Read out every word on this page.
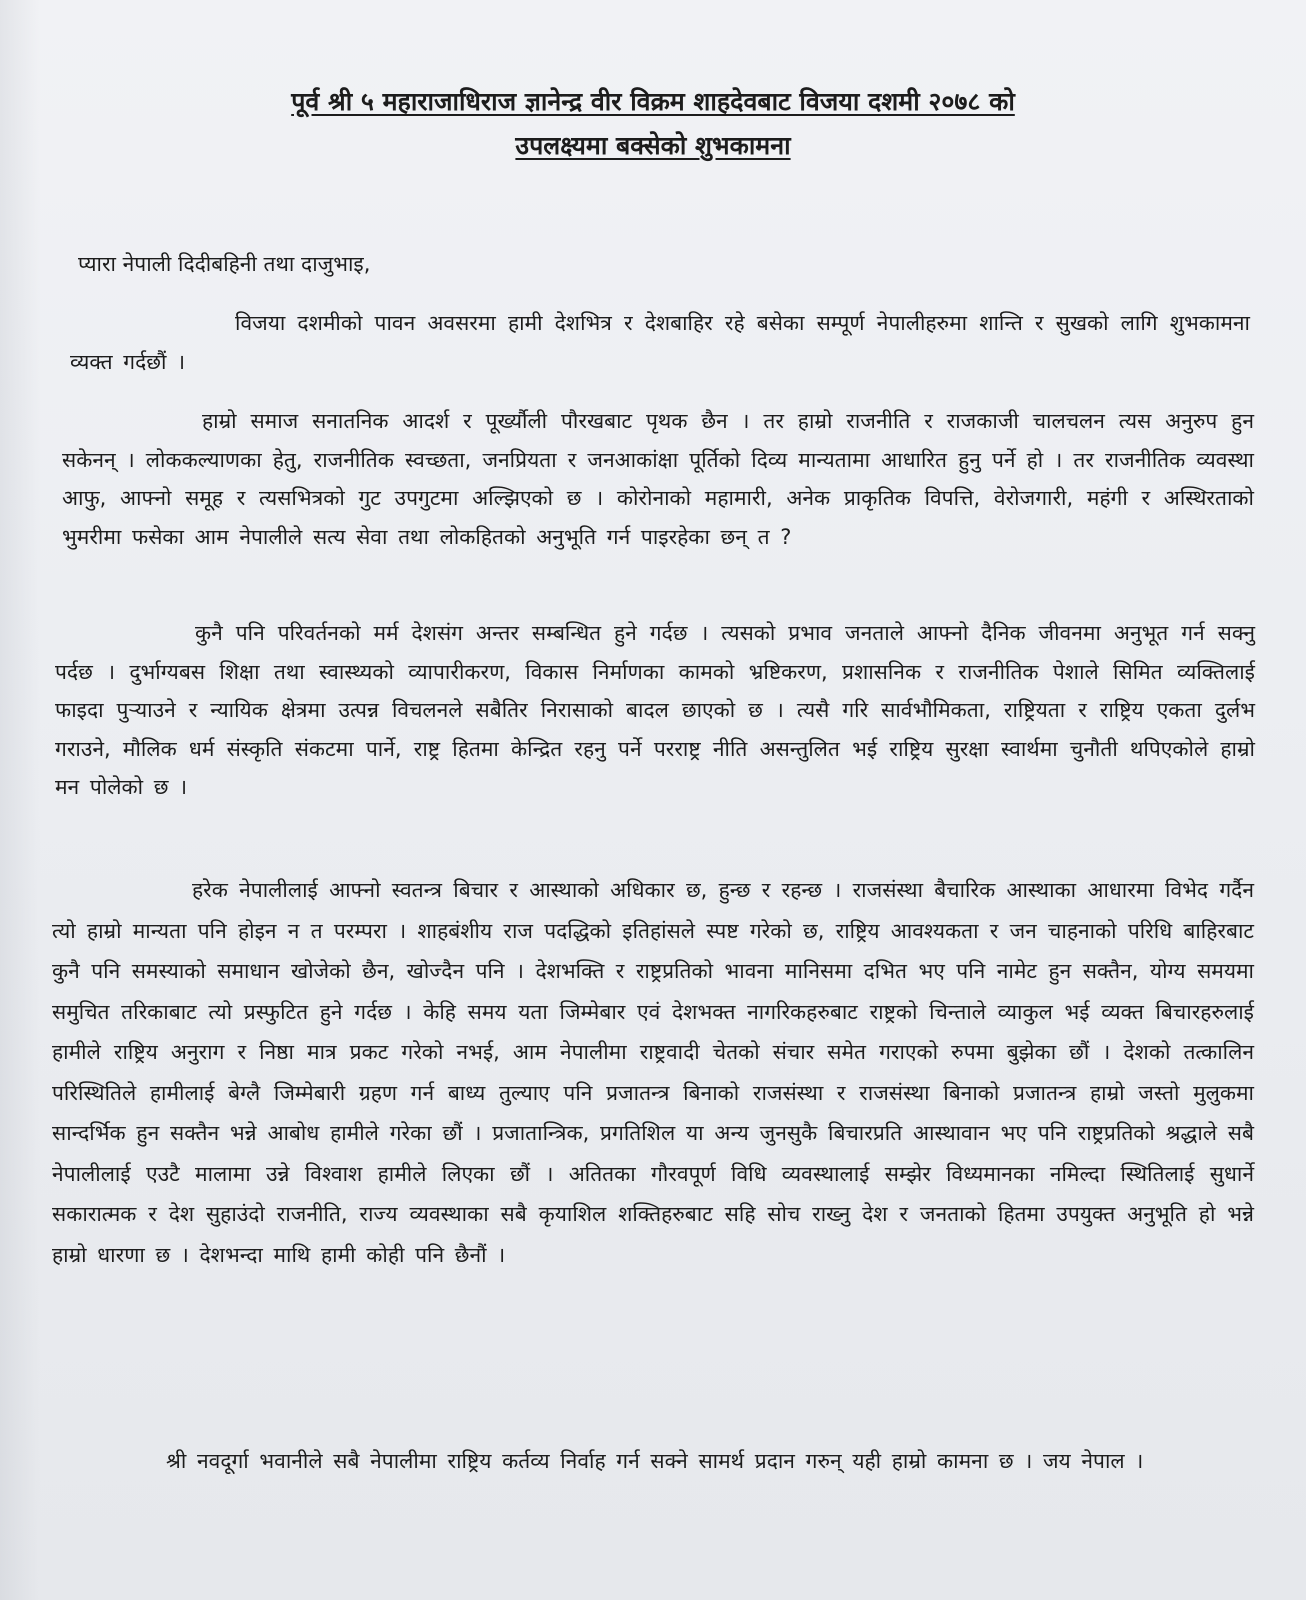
पूर्व श्री ५ महाराजाधिराज ज्ञानेन्द्र वीर विक्रम शाहदेवबाट विजया दशमी २०७८ को
उपलक्ष्यमा बक्सेको शुभकामना

प्यारा नेपाली दिदीबहिनी तथा दाजुभाइ,

विजया दशमीको पावन अवसरमा हामी देशभित्र र देशबाहिर रहे बसेका सम्पूर्ण नेपालीहरुमा शान्ति र सुखको लागि शुभकामना व्यक्त गर्दछौं ।

हाम्रो समाज सनातनिक आदर्श र पूर्ख्यौली पौरखबाट पृथक छैन । तर हाम्रो राजनीति र राजकाजी चालचलन त्यस अनुरुप हुन सकेनन् । लोककल्याणका हेतु, राजनीतिक स्वच्छता, जनप्रियता र जनआकांक्षा पूर्तिको दिव्य मान्यतामा आधारित हुनु पर्ने हो । तर राजनीतिक व्यवस्था आफु, आफ्नो समूह र त्यसभित्रको गुट उपगुटमा अल्झिएको छ । कोरोनाको महामारी, अनेक प्राकृतिक विपत्ति, वेरोजगारी, महंगी र अस्थिरताको भुमरीमा फसेका आम नेपालीले सत्य सेवा तथा लोकहितको अनुभूति गर्न पाइरहेका छन् त ?

कुनै पनि परिवर्तनको मर्म देशसंग अन्तर सम्बन्धित हुने गर्दछ । त्यसको प्रभाव जनताले आफ्नो दैनिक जीवनमा अनुभूत गर्न सक्नु पर्दछ । दुर्भाग्यबस शिक्षा तथा स्वास्थ्यको व्यापारीकरण, विकास निर्माणका कामको भ्रष्टिकरण, प्रशासनिक र राजनीतिक पेशाले सिमित व्यक्तिलाई फाइदा पुऱ्याउने र न्यायिक क्षेत्रमा उत्पन्न विचलनले सबैतिर निरासाको बादल छाएको छ । त्यसै गरि सार्वभौमिकता, राष्ट्रियता र राष्ट्रिय एकता दुर्लभ गराउने, मौलिक धर्म संस्कृति संकटमा पार्ने, राष्ट्र हितमा केन्द्रित रहनु पर्ने परराष्ट्र नीति असन्तुलित भई राष्ट्रिय सुरक्षा स्वार्थमा चुनौती थपिएकोले हाम्रो मन पोलेको छ ।

हरेक नेपालीलाई आफ्नो स्वतन्त्र बिचार र आस्थाको अधिकार छ, हुन्छ र रहन्छ । राजसंस्था बैचारिक आस्थाका आधारमा विभेद गर्दैन त्यो हाम्रो मान्यता पनि होइन न त परम्परा । शाहबंशीय राज पदद्धिको इतिहांसले स्पष्ट गरेको छ, राष्ट्रिय आवश्यकता र जन चाहनाको परिधि बाहिरबाट कुनै पनि समस्याको समाधान खोजेको छैन, खोज्दैन पनि । देशभक्ति र राष्ट्रप्रतिको भावना मानिसमा दभित भए पनि नामेट हुन सक्तैन, योग्य समयमा समुचित तरिकाबाट त्यो प्रस्फुटित हुने गर्दछ । केहि समय यता जिम्मेबार एवं देशभक्त नागरिकहरुबाट राष्ट्रको चिन्ताले व्याकुल भई व्यक्त बिचारहरुलाई हामीले राष्ट्रिय अनुराग र निष्ठा मात्र प्रकट गरेको नभई, आम नेपालीमा राष्ट्रवादी चेतको संचार समेत गराएको रुपमा बुझेका छौं । देशको तत्कालिन परिस्थितिले हामीलाई बेग्लै जिम्मेबारी ग्रहण गर्न बाध्य तुल्याए पनि प्रजातन्त्र बिनाको राजसंस्था र राजसंस्था बिनाको प्रजातन्त्र हाम्रो जस्तो मुलुकमा सान्दर्भिक हुन सक्तैन भन्ने आबोध हामीले गरेका छौं । प्रजातान्त्रिक, प्रगतिशिल या अन्य जुनसुकै बिचारप्रति आस्थावान भए पनि राष्ट्रप्रतिको श्रद्धाले सबै नेपालीलाई एउटै मालामा उन्ने विश्वाश हामीले लिएका छौं । अतितका गौरवपूर्ण विधि व्यवस्थालाई सम्झेर विध्यमानका नमिल्दा स्थितिलाई सुधार्ने सकारात्मक र देश सुहाउंदो राजनीति, राज्य व्यवस्थाका सबै कृयाशिल शक्तिहरुबाट सहि सोच राख्नु देश र जनताको हितमा उपयुक्त अनुभूति हो भन्ने हाम्रो धारणा छ । देशभन्दा माथि हामी कोही पनि छैनौं ।

श्री नवदूर्गा भवानीले सबै नेपालीमा राष्ट्रिय कर्तव्य निर्वाह गर्न सक्ने सामर्थ प्रदान गरुन् यही हाम्रो कामना छ । जय नेपाल ।
